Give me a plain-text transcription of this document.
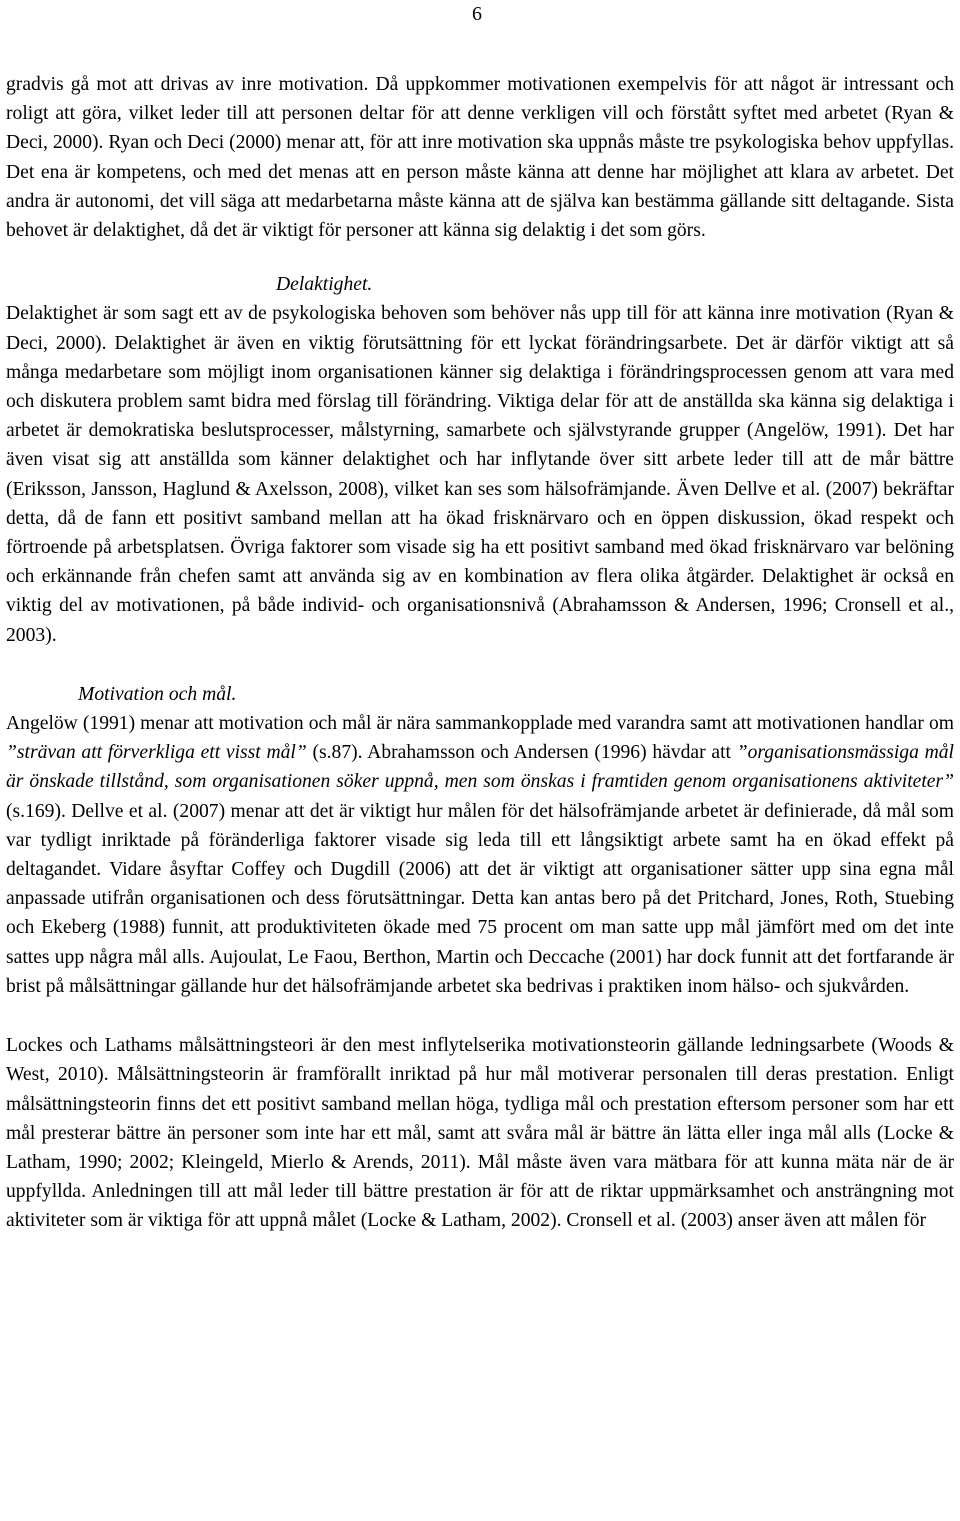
6

gradvis gå mot att drivas av inre motivation. Då uppkommer motivationen exempelvis för att något är intressant och roligt att göra, vilket leder till att personen deltar för att denne verkligen vill och förstått syftet med arbetet (Ryan & Deci, 2000). Ryan och Deci (2000) menar att, för att inre motivation ska uppnås måste tre psykologiska behov uppfyllas. Det ena är kompetens, och med det menas att en person måste känna att denne har möjlighet att klara av arbetet. Det andra är autonomi, det vill säga att medarbetarna måste känna att de själva kan bestämma gällande sitt deltagande. Sista behovet är delaktighet, då det är viktigt för personer att känna sig delaktig i det som görs.

Delaktighet.

Delaktighet är som sagt ett av de psykologiska behoven som behöver nås upp till för att känna inre motivation (Ryan & Deci, 2000). Delaktighet är även en viktig förutsättning för ett lyckat förändringsarbete. Det är därför viktigt att så många medarbetare som möjligt inom organisationen känner sig delaktiga i förändringsprocessen genom att vara med och diskutera problem samt bidra med förslag till förändring. Viktiga delar för att de anställda ska känna sig delaktiga i arbetet är demokratiska beslutsprocesser, målstyrning, samarbete och självstyrande grupper (Angelöw, 1991). Det har även visat sig att anställda som känner delaktighet och har inflytande över sitt arbete leder till att de mår bättre (Eriksson, Jansson, Haglund & Axelsson, 2008), vilket kan ses som hälsofrämjande. Även Dellve et al. (2007) bekräftar detta, då de fann ett positivt samband mellan att ha ökad frisknärvaro och en öppen diskussion, ökad respekt och förtroende på arbetsplatsen. Övriga faktorer som visade sig ha ett positivt samband med ökad frisknärvaro var belöning och erkännande från chefen samt att använda sig av en kombination av flera olika åtgärder. Delaktighet är också en viktig del av motivationen, på både individ- och organisationsnivå (Abrahamsson & Andersen, 1996; Cronsell et al., 2003).

Motivation och mål.

Angelöw (1991) menar att motivation och mål är nära sammankopplade med varandra samt att motivationen handlar om ”strävan att förverkliga ett visst mål” (s.87). Abrahamsson och Andersen (1996) hävdar att ”organisationsmässiga mål är önskade tillstånd, som organisationen söker uppnå, men som önskas i framtiden genom organisationens aktiviteter” (s.169). Dellve et al. (2007) menar att det är viktigt hur målen för det hälsofrämjande arbetet är definierade, då mål som var tydligt inriktade på föränderliga faktorer visade sig leda till ett långsiktigt arbete samt ha en ökad effekt på deltagandet. Vidare åsyftar Coffey och Dugdill (2006) att det är viktigt att organisationer sätter upp sina egna mål anpassade utifrån organisationen och dess förutsättningar. Detta kan antas bero på det Pritchard, Jones, Roth, Stuebing och Ekeberg (1988) funnit, att produktiviteten ökade med 75 procent om man satte upp mål jämfört med om det inte sattes upp några mål alls. Aujoulat, Le Faou, Berthon, Martin och Deccache (2001) har dock funnit att det fortfarande är brist på målsättningar gällande hur det hälsofrämjande arbetet ska bedrivas i praktiken inom hälso- och sjukvården.

Lockes och Lathams målsättningsteori är den mest inflytelserika motivationsteorin gällande ledningsarbete (Woods & West, 2010). Målsättningsteorin är framförallt inriktad på hur mål motiverar personalen till deras prestation. Enligt målsättningsteorin finns det ett positivt samband mellan höga, tydliga mål och prestation eftersom personer som har ett mål presterar bättre än personer som inte har ett mål, samt att svåra mål är bättre än lätta eller inga mål alls (Locke & Latham, 1990; 2002; Kleingeld, Mierlo & Arends, 2011). Mål måste även vara mätbara för att kunna mäta när de är uppfyllda. Anledningen till att mål leder till bättre prestation är för att de riktar uppmärksamhet och ansträngning mot aktiviteter som är viktiga för att uppnå målet (Locke & Latham, 2002). Cronsell et al. (2003) anser även att målen för
